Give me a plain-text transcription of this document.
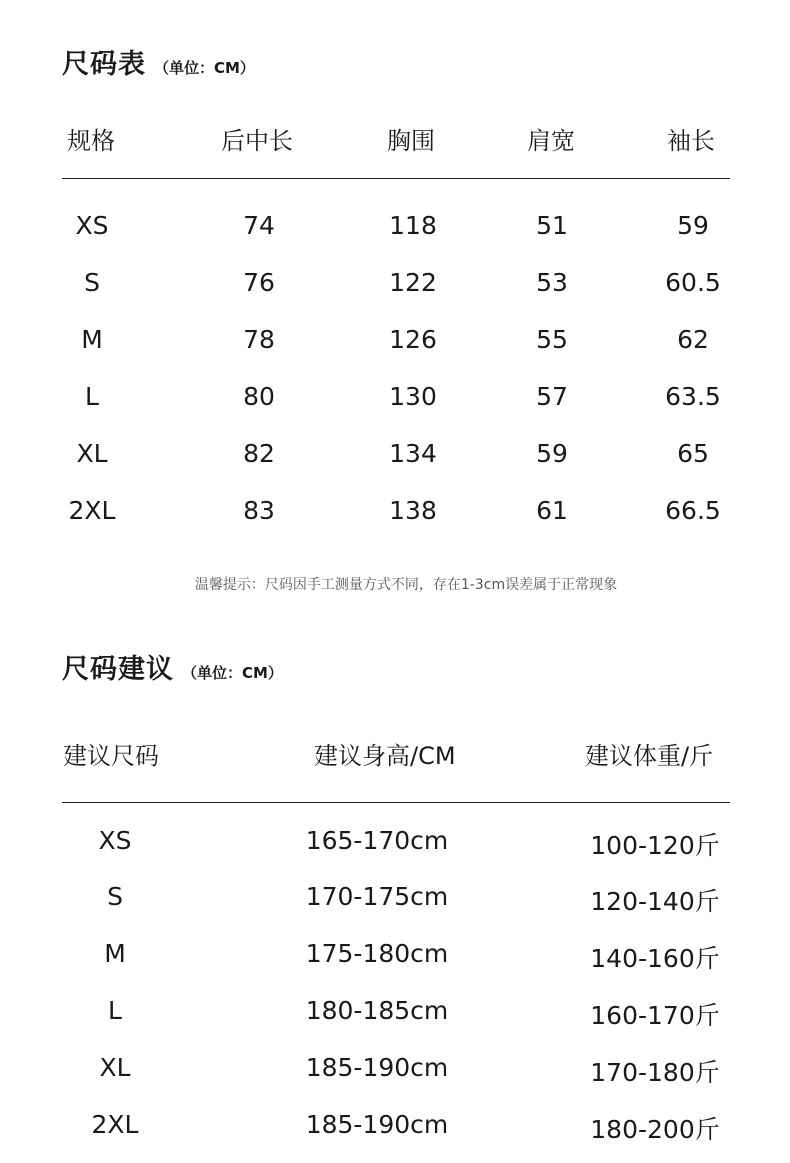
尺码表 （单位：CM）
规格	后中长	胸围	肩宽	袖长
XS	74	118	51	59
S	76	122	53	60.5
M	78	126	55	62
L	80	130	57	63.5
XL	82	134	59	65
2XL	83	138	61	66.5
温馨提示：尺码因手工测量方式不同，存在1-3cm误差属于正常现象
尺码建议 （单位：CM）
建议尺码	建议身高/CM	建议体重/斤
XS	165-170cm	100-120斤
S	170-175cm	120-140斤
M	175-180cm	140-160斤
L	180-185cm	160-170斤
XL	185-190cm	170-180斤
2XL	185-190cm	180-200斤
